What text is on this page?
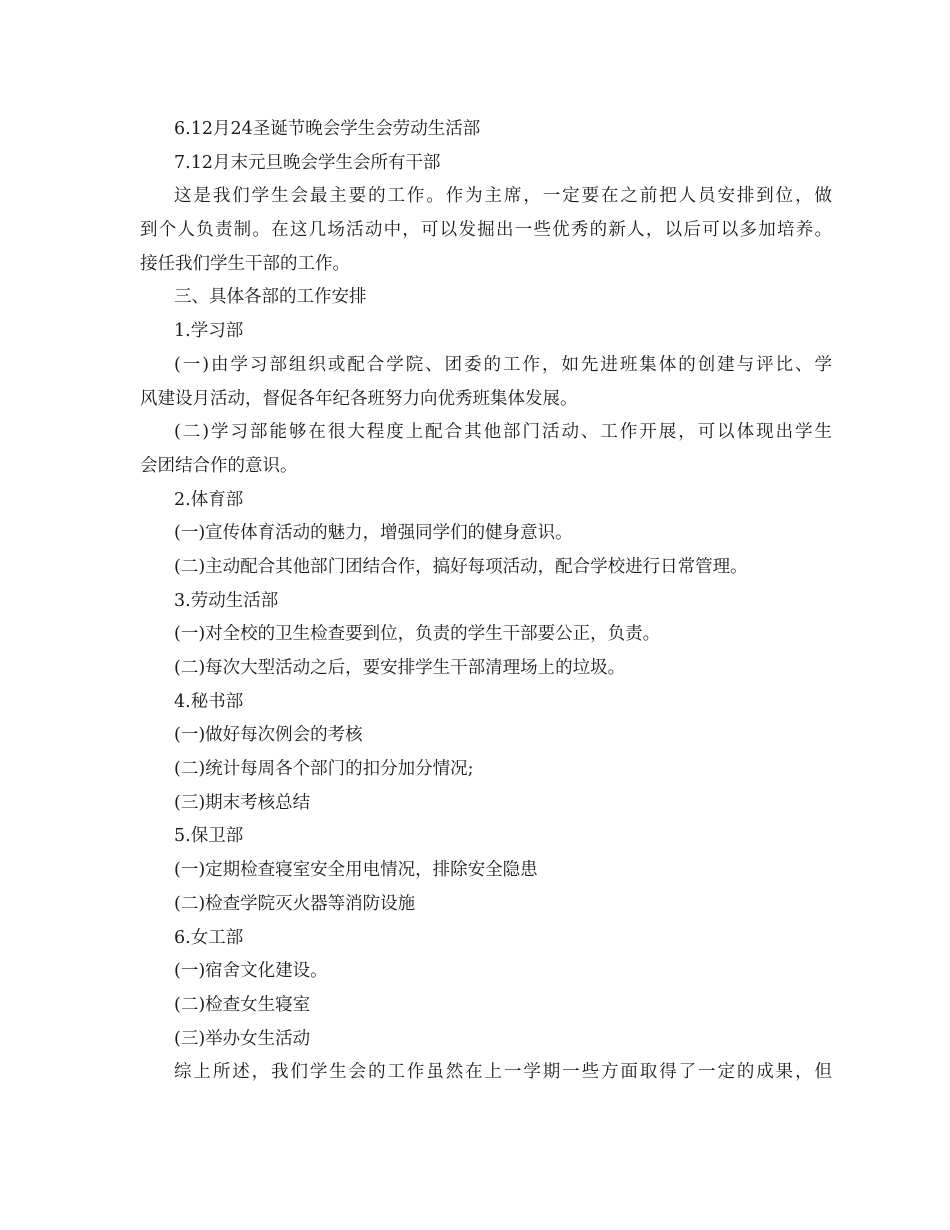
6.12月24圣诞节晚会学生会劳动生活部
7.12月末元旦晚会学生会所有干部
这是我们学生会最主要的工作。作为主席，一定要在之前把人员安排到位，做
到个人负责制。在这几场活动中，可以发掘出一些优秀的新人，以后可以多加培养。
接任我们学生干部的工作。
三、具体各部的工作安排
1.学习部
(一)由学习部组织或配合学院、团委的工作，如先进班集体的创建与评比、学
风建设月活动，督促各年纪各班努力向优秀班集体发展。
(二)学习部能够在很大程度上配合其他部门活动、工作开展，可以体现出学生
会团结合作的意识。
2.体育部
(一)宣传体育活动的魅力，增强同学们的健身意识。
(二)主动配合其他部门团结合作，搞好每项活动，配合学校进行日常管理。
3.劳动生活部
(一)对全校的卫生检查要到位，负责的学生干部要公正，负责。
(二)每次大型活动之后，要安排学生干部清理场上的垃圾。
4.秘书部
(一)做好每次例会的考核
(二)统计每周各个部门的扣分加分情况;
(三)期末考核总结
5.保卫部
(一)定期检查寝室安全用电情况，排除安全隐患
(二)检查学院灭火器等消防设施
6.女工部
(一)宿舍文化建设。
(二)检查女生寝室
(三)举办女生活动
综上所述，我们学生会的工作虽然在上一学期一些方面取得了一定的成果，但
